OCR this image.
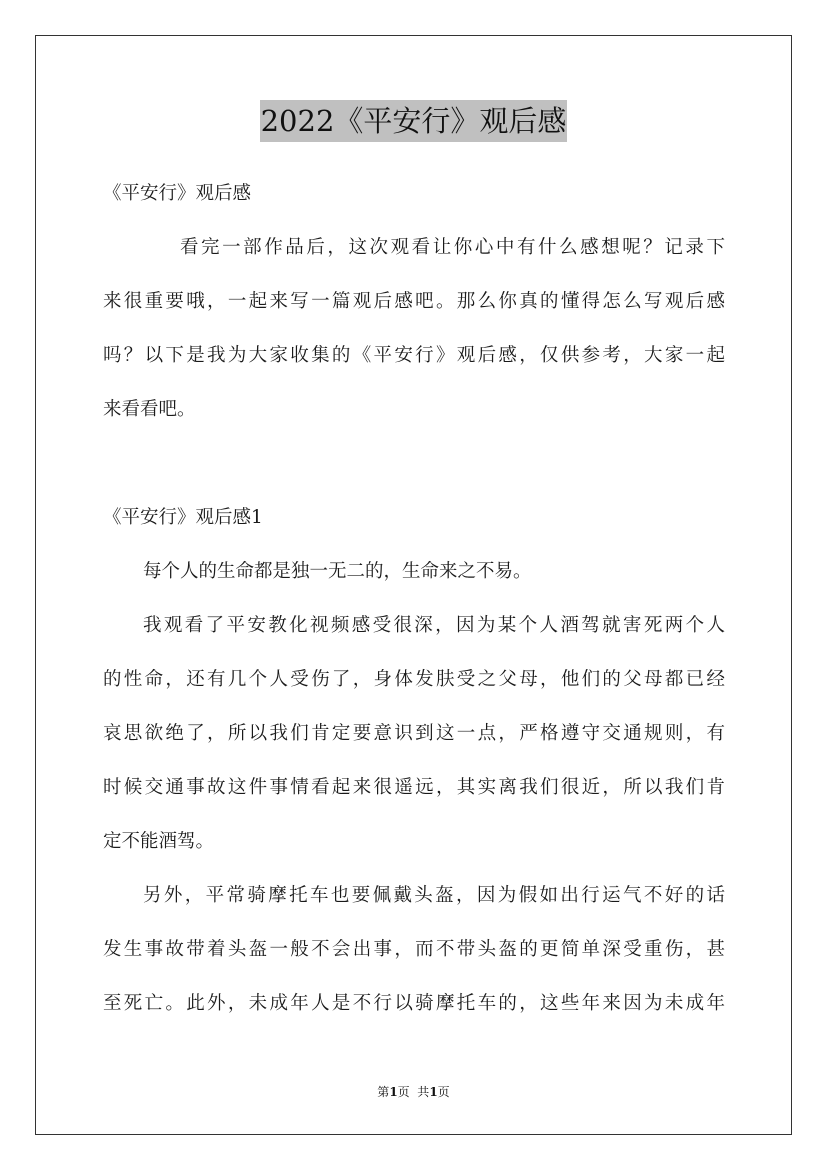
2022《平安行》观后感

《平安行》观后感

看完一部作品后，这次观看让你心中有什么感想呢？记录下

来很重要哦，一起来写一篇观后感吧。那么你真的懂得怎么写观后感

吗？以下是我为大家收集的《平安行》观后感，仅供参考，大家一起

来看看吧。

《平安行》观后感1

每个人的生命都是独一无二的，生命来之不易。

我观看了平安教化视频感受很深，因为某个人酒驾就害死两个人

的性命，还有几个人受伤了，身体发肤受之父母，他们的父母都已经

哀思欲绝了，所以我们肯定要意识到这一点，严格遵守交通规则，有

时候交通事故这件事情看起来很遥远，其实离我们很近，所以我们肯

定不能酒驾。

另外，平常骑摩托车也要佩戴头盔，因为假如出行运气不好的话

发生事故带着头盔一般不会出事，而不带头盔的更简单深受重伤，甚

至死亡。此外，未成年人是不行以骑摩托车的，这些年来因为未成年

第1页  共1页
